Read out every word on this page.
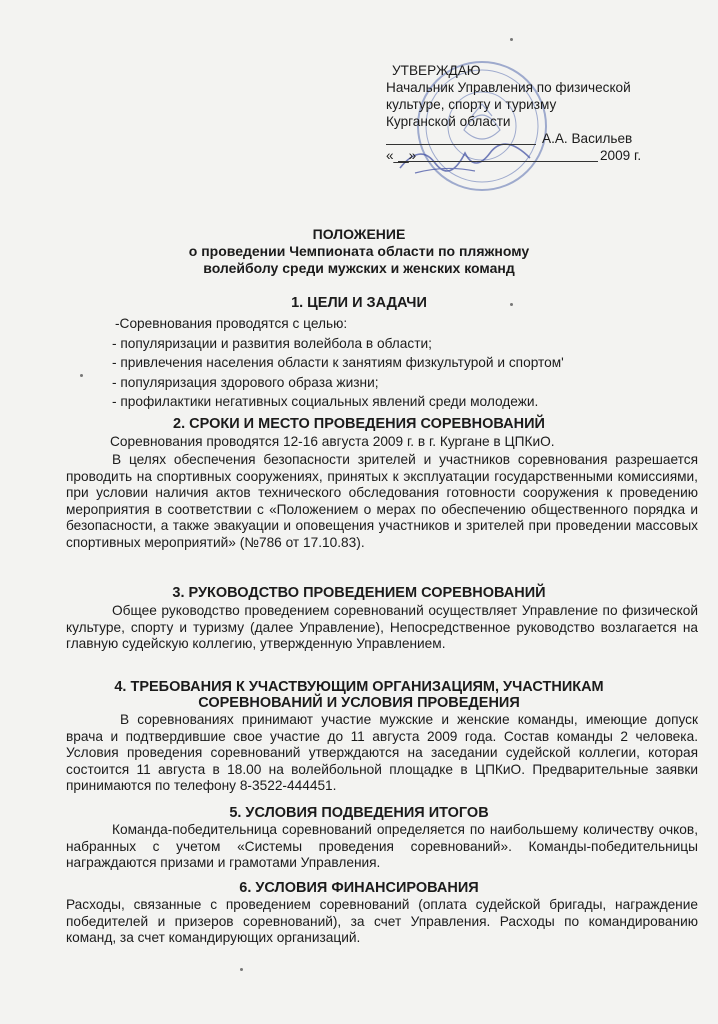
УТВЕРЖДАЮ
Начальник Управления по физической
культуре, спорту и туризму
Курганской области
А.А. Васильев
«__»	2009 г.
ПОЛОЖЕНИЕ
о проведении Чемпионата области по пляжному
волейболу среди мужских и женских команд
1. ЦЕЛИ И ЗАДАЧИ
-Соревнования проводятся с целью:
- популяризации и развития волейбола в области;
- привлечения населения области к занятиям физкультурой и спортом'
- популяризация здорового образа жизни;
- профилактики негативных социальных явлений среди молодежи.
2. СРОКИ И МЕСТО ПРОВЕДЕНИЯ СОРЕВНОВАНИЙ
Соревнования проводятся 12-16 августа 2009 г. в г. Кургане в ЦПКиО.
В целях обеспечения безопасности зрителей и участников соревнования разрешается проводить на спортивных сооружениях, принятых к эксплуатации государственными комиссиями, при условии наличия актов технического обследования готовности сооружения к проведению мероприятия в соответствии с «Положением о мерах по обеспечению общественного порядка и безопасности, а также эвакуации и оповещения участников и зрителей при проведении массовых спортивных мероприятий» (№786 от 17.10.83).
3. РУКОВОДСТВО ПРОВЕДЕНИЕМ СОРЕВНОВАНИЙ
Общее руководство проведением соревнований осуществляет Управление по физической культуре, спорту и туризму (далее Управление), Непосредственное руководство возлагается на главную судейскую коллегию, утвержденную Управлением.
4. ТРЕБОВАНИЯ К УЧАСТВУЮЩИМ ОРГАНИЗАЦИЯМ, УЧАСТНИКАМ
СОРЕВНОВАНИЙ И УСЛОВИЯ ПРОВЕДЕНИЯ
В соревнованиях принимают участие мужские и женские команды, имеющие допуск врача и подтвердившие свое участие до 11 августа 2009 года. Состав команды 2 человека. Условия проведения соревнований утверждаются на заседании судейской коллегии, которая состоится 11 августа в 18.00 на волейбольной площадке в ЦПКиО. Предварительные заявки принимаются по телефону 8-3522-444451.
5. УСЛОВИЯ ПОДВЕДЕНИЯ ИТОГОВ
Команда-победительница соревнований определяется по наибольшему количеству очков, набранных с учетом «Системы проведения соревнований». Команды-победительницы награждаются призами и грамотами Управления.
6. УСЛОВИЯ ФИНАНСИРОВАНИЯ
Расходы, связанные с проведением соревнований (оплата судейской бригады, награждение победителей и призеров соревнований), за счет Управления. Расходы по командированию команд, за счет командирующих организаций.
